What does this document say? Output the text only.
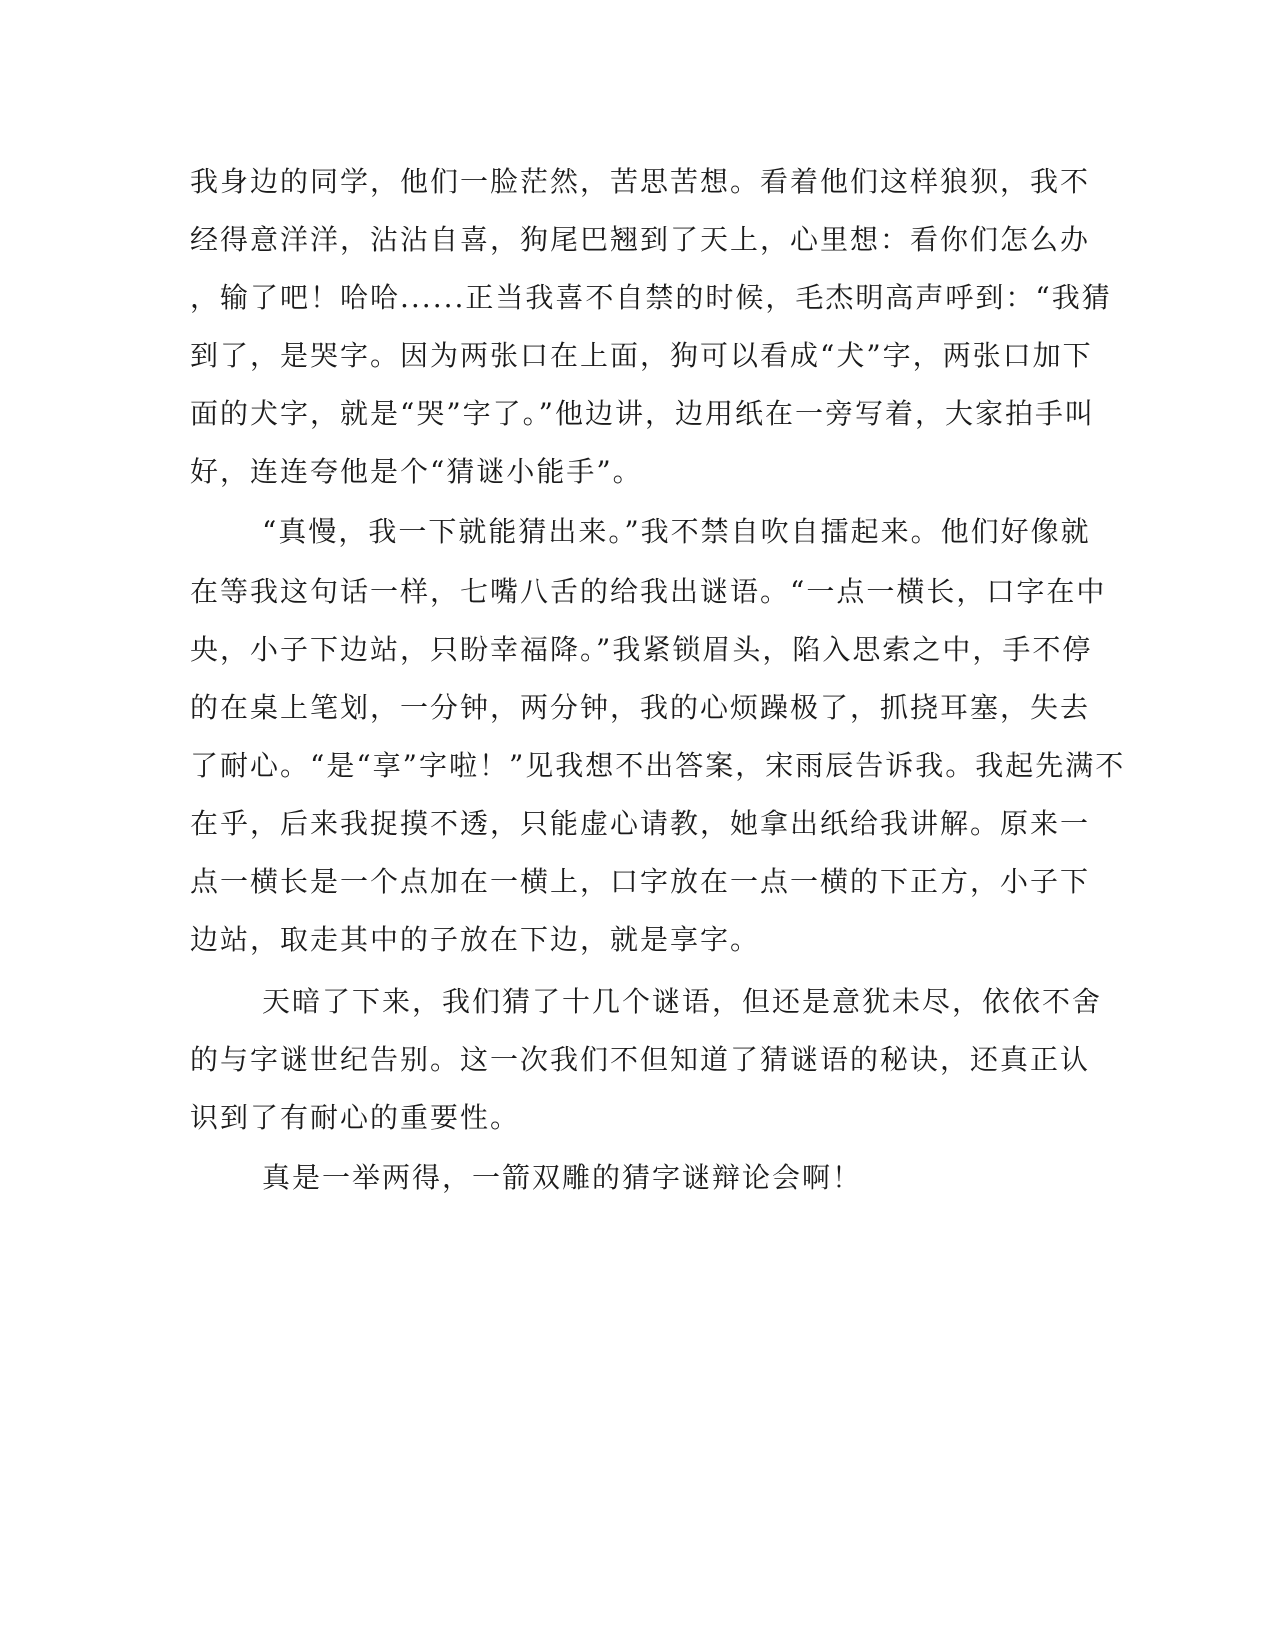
我身边的同学，他们一脸茫然，苦思苦想。看着他们这样狼狈，我不
经得意洋洋，沾沾自喜，狗尾巴翘到了天上，心里想：看你们怎么办
，输了吧！哈哈......正当我喜不自禁的时候，毛杰明高声呼到：“我猜
到了，是哭字。因为两张口在上面，狗可以看成“犬”字，两张口加下
面的犬字，就是“哭”字了。”他边讲，边用纸在一旁写着，大家拍手叫
好，连连夸他是个“猜谜小能手”。
“真慢，我一下就能猜出来。”我不禁自吹自擂起来。他们好像就
在等我这句话一样，七嘴八舌的给我出谜语。“一点一横长，口字在中
央，小子下边站，只盼幸福降。”我紧锁眉头，陷入思索之中，手不停
的在桌上笔划，一分钟，两分钟，我的心烦躁极了，抓挠耳塞，失去
了耐心。“是“享”字啦！”见我想不出答案，宋雨辰告诉我。我起先满不
在乎，后来我捉摸不透，只能虚心请教，她拿出纸给我讲解。原来一
点一横长是一个点加在一横上，口字放在一点一横的下正方，小子下
边站，取走其中的子放在下边，就是享字。
天暗了下来，我们猜了十几个谜语，但还是意犹未尽，依依不舍
的与字谜世纪告别。这一次我们不但知道了猜谜语的秘诀，还真正认
识到了有耐心的重要性。
真是一举两得，一箭双雕的猜字谜辩论会啊！
